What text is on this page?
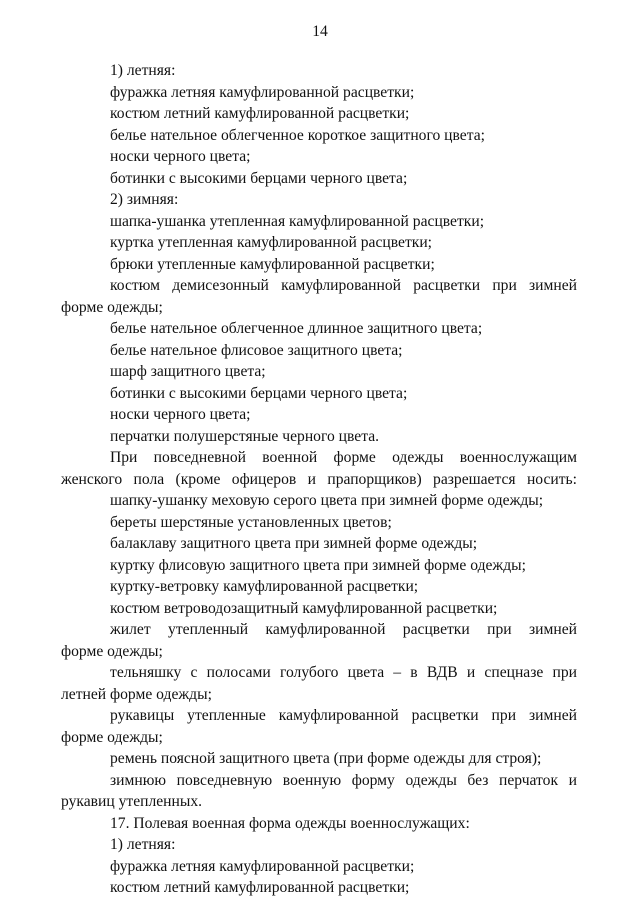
14

1) летняя:

фуражка летняя камуфлированной расцветки;

костюм летний камуфлированной расцветки;

белье нательное облегченное короткое защитного цвета;

носки черного цвета;

ботинки с высокими берцами черного цвета;

2) зимняя:

шапка-ушанка утепленная камуфлированной расцветки;

куртка утепленная камуфлированной расцветки;

брюки утепленные камуфлированной расцветки;

костюм демисезонный камуфлированной расцветки при зимней

форме одежды;

белье нательное облегченное длинное защитного цвета;

белье нательное флисовое защитного цвета;

шарф защитного цвета;

ботинки с высокими берцами черного цвета;

носки черного цвета;

перчатки полушерстяные черного цвета.

При повседневной военной форме одежды военнослужащим

женского пола (кроме офицеров и прапорщиков) разрешается носить:

шапку-ушанку меховую серого цвета при зимней форме одежды;

береты шерстяные установленных цветов;

балаклаву защитного цвета при зимней форме одежды;

куртку флисовую защитного цвета при зимней форме одежды;

куртку-ветровку камуфлированной расцветки;

костюм ветроводозащитный камуфлированной расцветки;

жилет утепленный камуфлированной расцветки при зимней

форме одежды;

тельняшку с полосами голубого цвета – в ВДВ и спецназе при

летней форме одежды;

рукавицы утепленные камуфлированной расцветки при зимней

форме одежды;

ремень поясной защитного цвета (при форме одежды для строя);

зимнюю повседневную военную форму одежды без перчаток и

рукавиц утепленных.

17. Полевая военная форма одежды военнослужащих:

1) летняя:

фуражка летняя камуфлированной расцветки;

костюм летний камуфлированной расцветки;
